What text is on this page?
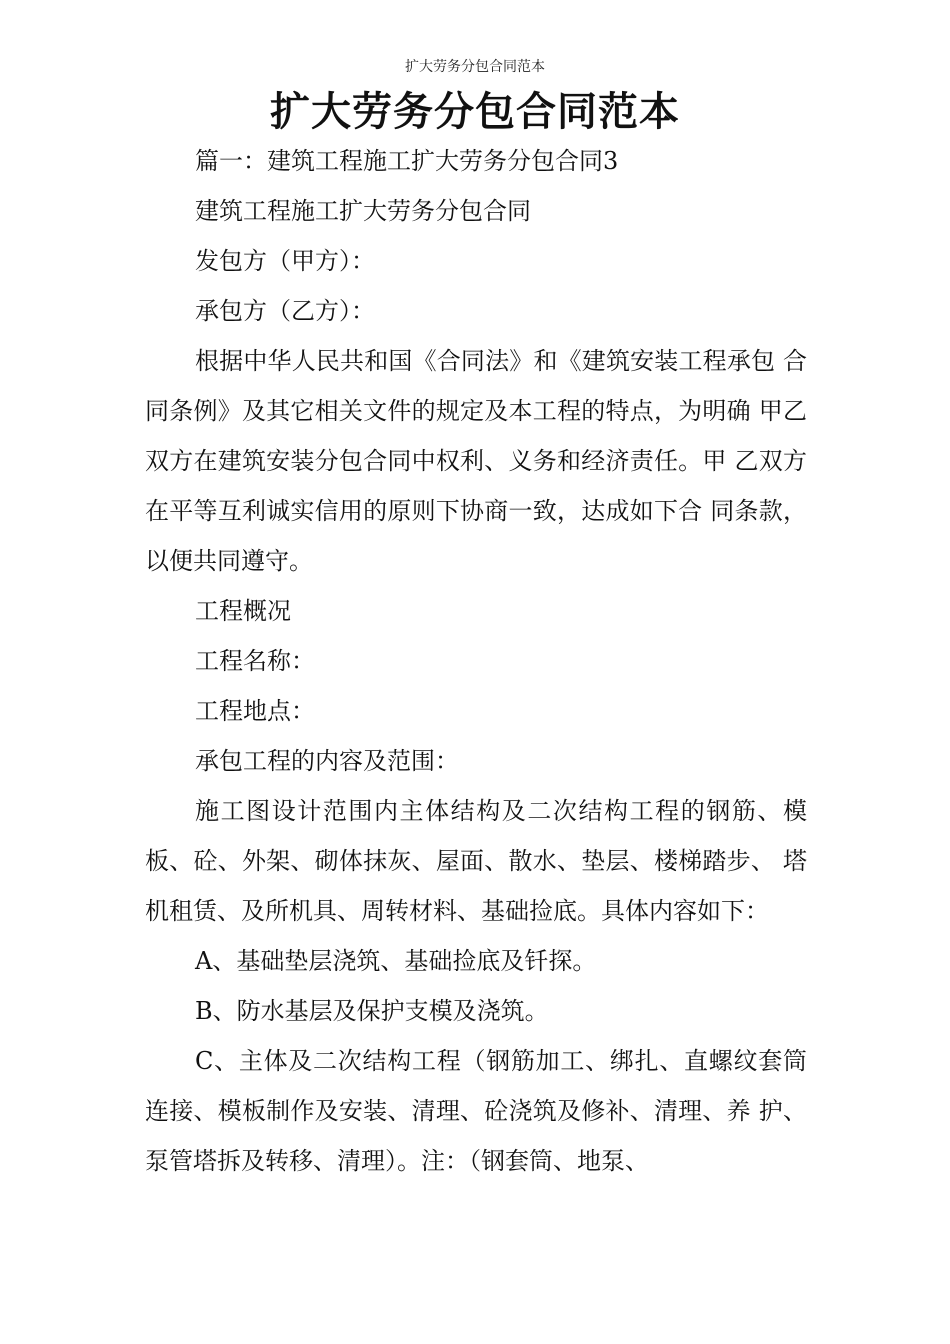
扩大劳务分包合同范本
扩大劳务分包合同范本

篇一：建筑工程施工扩大劳务分包合同3

建筑工程施工扩大劳务分包合同

发包方（甲方）：

承包方（乙方）：

根据中华人民共和国《合同法》和《建筑安装工程承包 合同条例》及其它相关文件的规定及本工程的特点，为明确 甲乙双方在建筑安装分包合同中权利、义务和经济责任。甲 乙双方在平等互利诚实信用的原则下协商一致，达成如下合 同条款，以便共同遵守。

工程概况

工程名称：

工程地点：

承包工程的内容及范围：

施工图设计范围内主体结构及二次结构工程的钢筋、模 板、砼、外架、砌体抹灰、屋面、散水、垫层、楼梯踏步、 塔机租赁、及所机具、周转材料、基础捡底。具体内容如下：

A、基础垫层浇筑、基础捡底及钎探。

B、防水基层及保护支模及浇筑。

C、主体及二次结构工程（钢筋加工、绑扎、直螺纹套筒连接、模板制作及安装、清理、砼浇筑及修补、清理、养 护、泵管塔拆及转移、清理）。注：（钢套筒、地泵、
